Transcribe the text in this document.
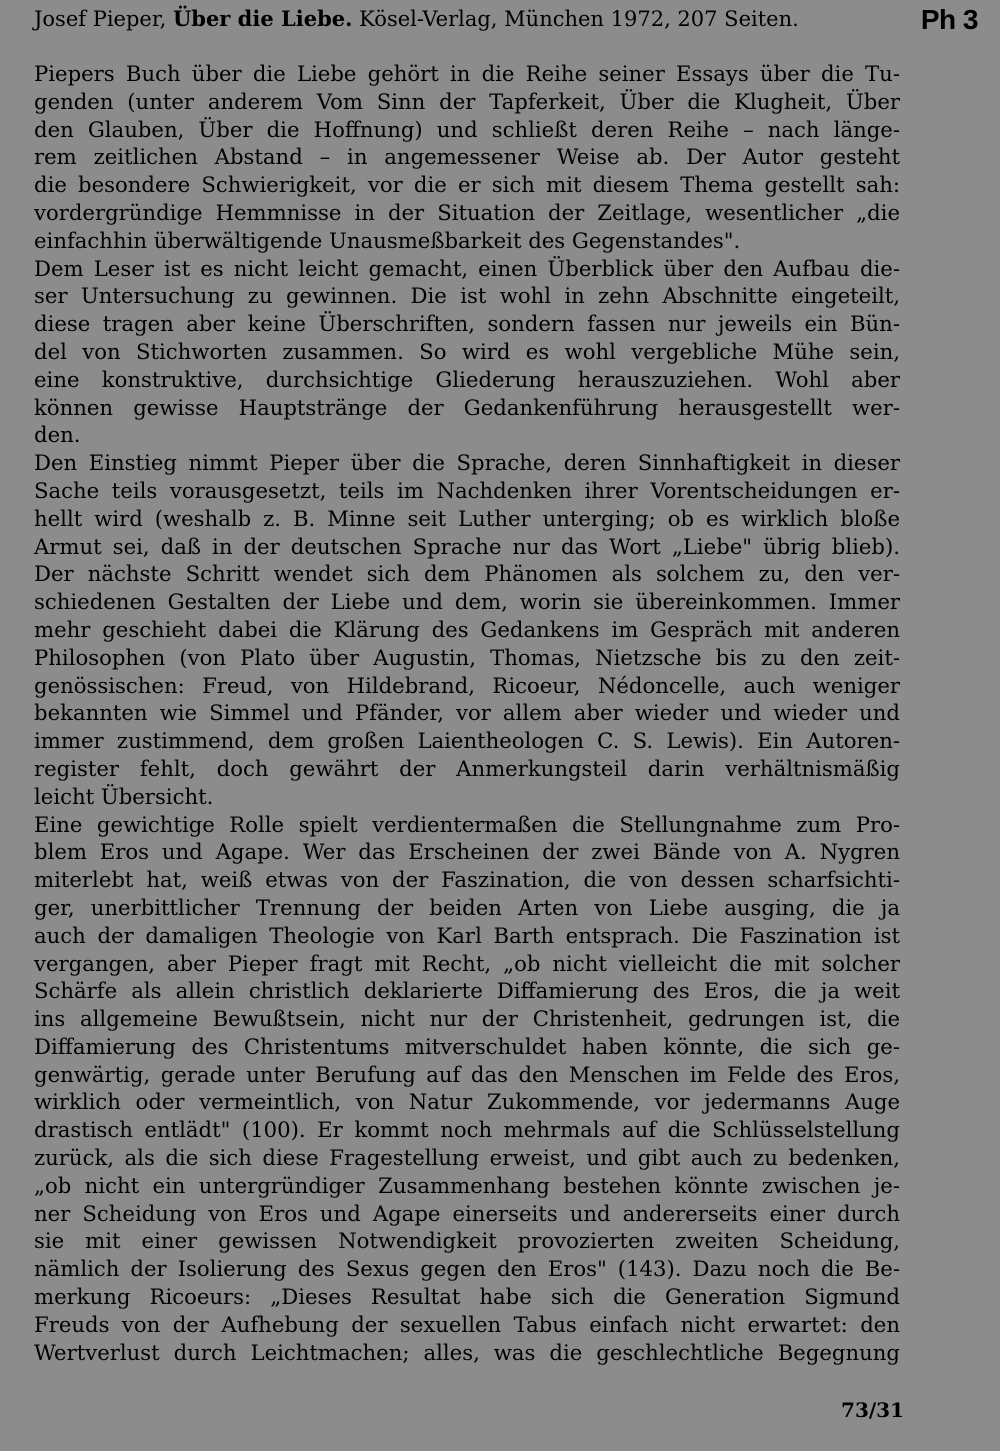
Josef Pieper, Über die Liebe. Kösel-Verlag, München 1972, 207 Seiten.	Ph 3
Piepers Buch über die Liebe gehört in die Reihe seiner Essays über die Tu-
genden (unter anderem Vom Sinn der Tapferkeit, Über die Klugheit, Über
den Glauben, Über die Hoffnung) und schließt deren Reihe – nach länge-
rem zeitlichen Abstand – in angemessener Weise ab. Der Autor gesteht
die besondere Schwierigkeit, vor die er sich mit diesem Thema gestellt sah:
vordergründige Hemmnisse in der Situation der Zeitlage, wesentlicher „die
einfachhin überwältigende Unausmeßbarkeit des Gegenstandes".
Dem Leser ist es nicht leicht gemacht, einen Überblick über den Aufbau die-
ser Untersuchung zu gewinnen. Die ist wohl in zehn Abschnitte eingeteilt,
diese tragen aber keine Überschriften, sondern fassen nur jeweils ein Bün-
del von Stichworten zusammen. So wird es wohl vergebliche Mühe sein,
eine konstruktive, durchsichtige Gliederung herauszuziehen. Wohl aber
können gewisse Hauptstränge der Gedankenführung herausgestellt wer-
den.
Den Einstieg nimmt Pieper über die Sprache, deren Sinnhaftigkeit in dieser
Sache teils vorausgesetzt, teils im Nachdenken ihrer Vorentscheidungen er-
hellt wird (weshalb z. B. Minne seit Luther unterging; ob es wirklich bloße
Armut sei, daß in der deutschen Sprache nur das Wort „Liebe" übrig blieb).
Der nächste Schritt wendet sich dem Phänomen als solchem zu, den ver-
schiedenen Gestalten der Liebe und dem, worin sie übereinkommen. Immer
mehr geschieht dabei die Klärung des Gedankens im Gespräch mit anderen
Philosophen (von Plato über Augustin, Thomas, Nietzsche bis zu den zeit-
genössischen: Freud, von Hildebrand, Ricoeur, Nédoncelle, auch weniger
bekannten wie Simmel und Pfänder, vor allem aber wieder und wieder und
immer zustimmend, dem großen Laientheologen C. S. Lewis). Ein Autoren-
register fehlt, doch gewährt der Anmerkungsteil darin verhältnismäßig
leicht Übersicht.
Eine gewichtige Rolle spielt verdientermaßen die Stellungnahme zum Pro-
blem Eros und Agape. Wer das Erscheinen der zwei Bände von A. Nygren
miterlebt hat, weiß etwas von der Faszination, die von dessen scharfsichti-
ger, unerbittlicher Trennung der beiden Arten von Liebe ausging, die ja
auch der damaligen Theologie von Karl Barth entsprach. Die Faszination ist
vergangen, aber Pieper fragt mit Recht, „ob nicht vielleicht die mit solcher
Schärfe als allein christlich deklarierte Diffamierung des Eros, die ja weit
ins allgemeine Bewußtsein, nicht nur der Christenheit, gedrungen ist, die
Diffamierung des Christentums mitverschuldet haben könnte, die sich ge-
genwärtig, gerade unter Berufung auf das den Menschen im Felde des Eros,
wirklich oder vermeintlich, von Natur Zukommende, vor jedermanns Auge
drastisch entlädt" (100). Er kommt noch mehrmals auf die Schlüsselstellung
zurück, als die sich diese Fragestellung erweist, und gibt auch zu bedenken,
„ob nicht ein untergründiger Zusammenhang bestehen könnte zwischen je-
ner Scheidung von Eros und Agape einerseits und andererseits einer durch
sie mit einer gewissen Notwendigkeit provozierten zweiten Scheidung,
nämlich der Isolierung des Sexus gegen den Eros" (143). Dazu noch die Be-
merkung Ricoeurs: „Dieses Resultat habe sich die Generation Sigmund
Freuds von der Aufhebung der sexuellen Tabus einfach nicht erwartet: den
Wertverlust durch Leichtmachen; alles, was die geschlechtliche Begegnung
73/31
